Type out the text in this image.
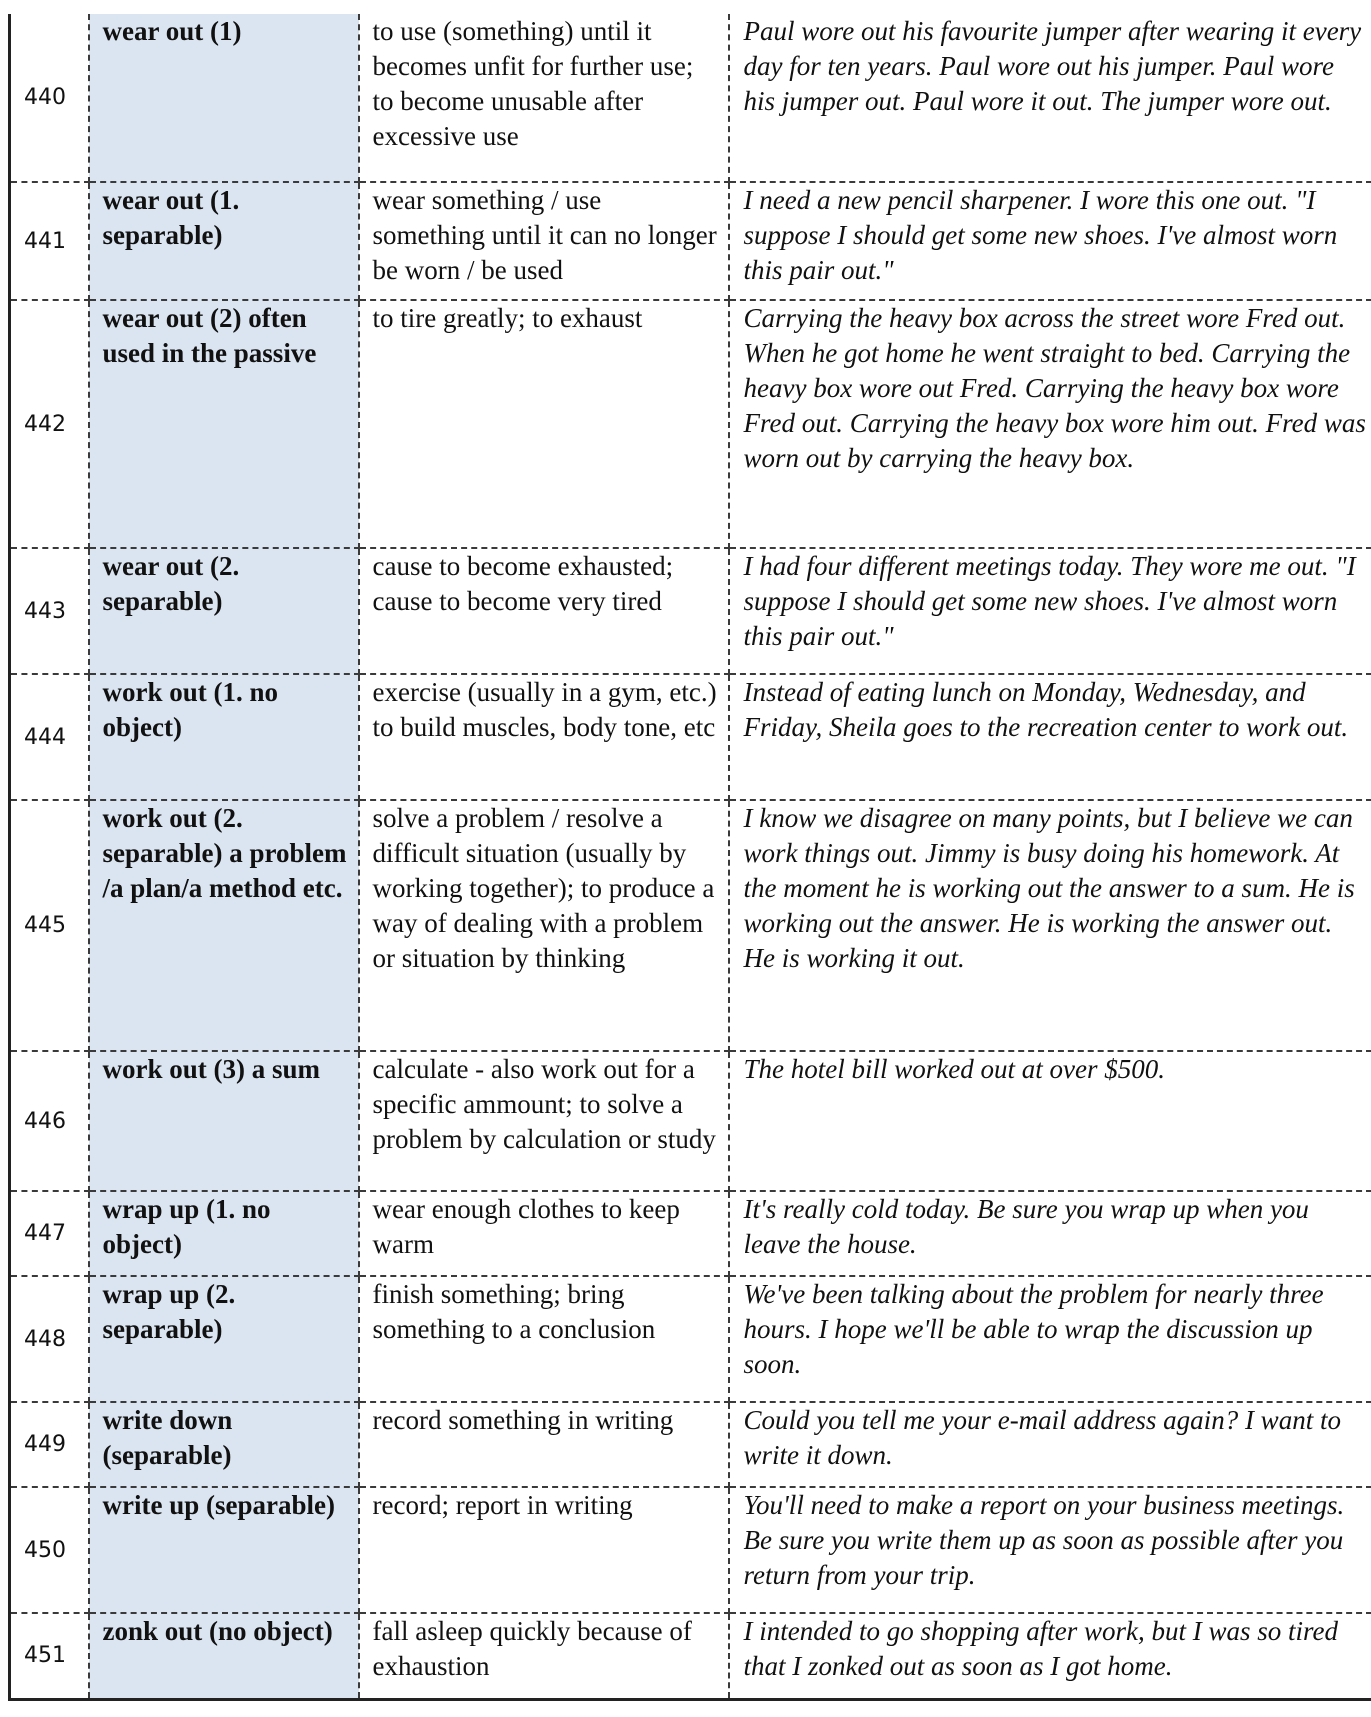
440	wear out (1)	to use (something) until it becomes unfit for further use; to become unusable after excessive use	Paul wore out his favourite jumper after wearing it every day for ten years. Paul wore out his jumper. Paul wore his jumper out. Paul wore it out. The jumper wore out.
441	wear out (1. separable)	wear something / use something until it can no longer be worn / be used	I need a new pencil sharpener. I wore this one out. "I suppose I should get some new shoes. I've almost worn this pair out."
442	wear out (2) often used in the passive	to tire greatly; to exhaust	Carrying the heavy box across the street wore Fred out. When he got home he went straight to bed. Carrying the heavy box wore out Fred. Carrying the heavy box wore Fred out. Carrying the heavy box wore him out. Fred was worn out by carrying the heavy box.
443	wear out (2. separable)	cause to become exhausted; cause to become very tired	I had four different meetings today. They wore me out. "I suppose I should get some new shoes. I've almost worn this pair out."
444	work out (1. no object)	exercise (usually in a gym, etc.) to build muscles, body tone, etc	Instead of eating lunch on Monday, Wednesday, and Friday, Sheila goes to the recreation center to work out.
445	work out (2. separable) a problem /a plan/a method etc.	solve a problem / resolve a difficult situation (usually by working together); to produce a way of dealing with a problem or situation by thinking	I know we disagree on many points, but I believe we can work things out. Jimmy is busy doing his homework. At the moment he is working out the answer to a sum. He is working out the answer. He is working the answer out. He is working it out.
446	work out (3) a sum	calculate - also work out for a specific ammount; to solve a problem by calculation or study	The hotel bill worked out at over $500.
447	wrap up (1. no object)	wear enough clothes to keep warm	It's really cold today. Be sure you wrap up when you leave the house.
448	wrap up (2. separable)	finish something; bring something to a conclusion	We've been talking about the problem for nearly three hours. I hope we'll be able to wrap the discussion up soon.
449	write down (separable)	record something in writing	Could you tell me your e-mail address again? I want to write it down.
450	write up (separable)	record; report in writing	You'll need to make a report on your business meetings. Be sure you write them up as soon as possible after you return from your trip.
451	zonk out (no object)	fall asleep quickly because of exhaustion	I intended to go shopping after work, but I was so tired that I zonked out as soon as I got home.
